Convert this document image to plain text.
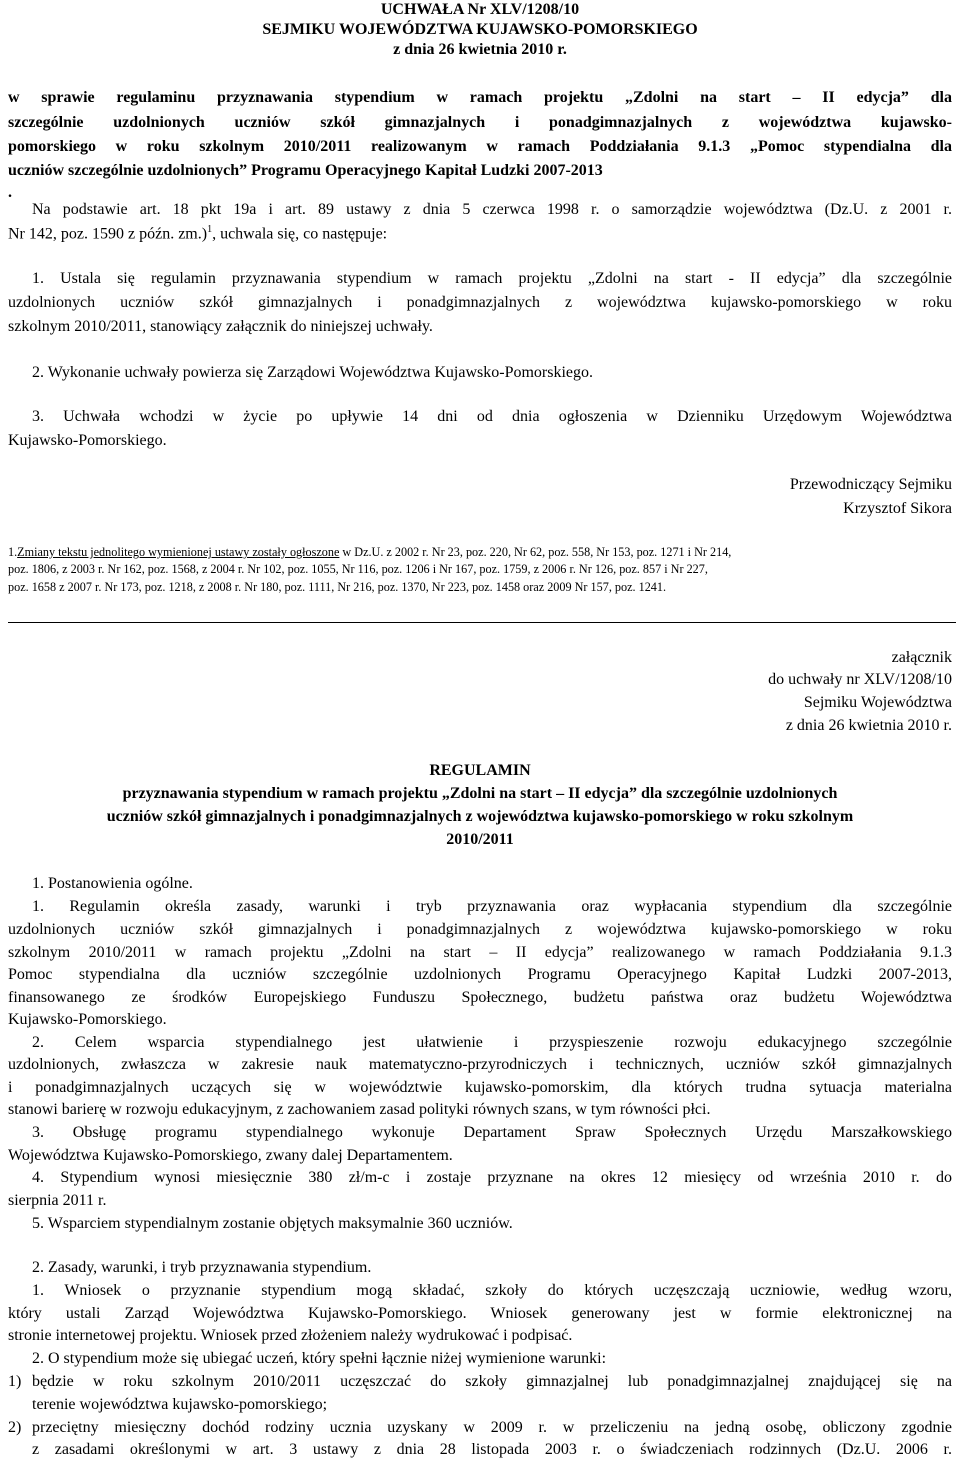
UCHWAŁA Nr XLV/1208/10

SEJMIKU WOJEWÓDZTWA KUJAWSKO-POMORSKIEGO

z dnia 26 kwietnia 2010 r.

w sprawie regulaminu przyznawania stypendium w ramach projektu „Zdolni na start – II edycja” dla

szczególnie uzdolnionych uczniów szkół gimnazjalnych i ponadgimnazjalnych z województwa kujawsko-

pomorskiego w roku szkolnym 2010/2011 realizowanym w ramach Poddziałania 9.1.3 „Pomoc stypendialna dla

uczniów szczególnie uzdolnionych” Programu Operacyjnego Kapitał Ludzki 2007-2013

.

Na podstawie art. 18 pkt 19a i art. 89 ustawy z dnia 5 czerwca 1998 r. o samorządzie województwa (Dz.U. z 2001 r.

Nr 142, poz. 1590 z późn. zm.)$^1$, uchwala się, co następuje:

1. Ustala się regulamin przyznawania stypendium w ramach projektu „Zdolni na start - II edycja” dla szczególnie

uzdolnionych uczniów szkół gimnazjalnych i ponadgimnazjalnych z województwa kujawsko-pomorskiego w roku

szkolnym 2010/2011, stanowiący załącznik do niniejszej uchwały.

2. Wykonanie uchwały powierza się Zarządowi Województwa Kujawsko-Pomorskiego.

3. Uchwała wchodzi w życie po upływie 14 dni od dnia ogłoszenia w Dzienniku Urzędowym Województwa

Kujawsko-Pomorskiego.

Przewodniczący Sejmiku

Krzysztof Sikora

1.Zmiany tekstu jednolitego wymienionej ustawy zostały ogłoszone w Dz.U. z 2002 r. Nr 23, poz. 220, Nr 62, poz. 558, Nr 153, poz. 1271 i Nr 214,

poz. 1806, z 2003 r. Nr 162, poz. 1568, z 2004 r. Nr 102, poz. 1055, Nr 116, poz. 1206 i Nr 167, poz. 1759, z 2006 r. Nr 126, poz. 857 i Nr 227,

poz. 1658 z 2007 r. Nr 173, poz. 1218, z 2008 r. Nr 180, poz. 1111, Nr 216, poz. 1370, Nr 223, poz. 1458 oraz 2009 Nr 157, poz. 1241.

załącznik

do uchwały nr XLV/1208/10

Sejmiku Województwa

z dnia 26 kwietnia 2010 r.

REGULAMIN

przyznawania stypendium w ramach projektu „Zdolni na start – II edycja” dla szczególnie uzdolnionych

uczniów szkół gimnazjalnych i ponadgimnazjalnych z województwa kujawsko-pomorskiego w roku szkolnym

2010/2011

1. Postanowienia ogólne.

1. Regulamin określa zasady, warunki i tryb przyznawania oraz wypłacania stypendium dla szczególnie

uzdolnionych uczniów szkół gimnazjalnych i ponadgimnazjalnych z województwa kujawsko-pomorskiego w roku

szkolnym 2010/2011 w ramach projektu „Zdolni na start – II edycja” realizowanego w ramach Poddziałania 9.1.3

Pomoc stypendialna dla uczniów szczególnie uzdolnionych Programu Operacyjnego Kapitał Ludzki 2007-2013,

finansowanego ze środków Europejskiego Funduszu Społecznego, budżetu państwa oraz budżetu Województwa

Kujawsko-Pomorskiego.

2. Celem wsparcia stypendialnego jest ułatwienie i przyspieszenie rozwoju edukacyjnego szczególnie

uzdolnionych, zwłaszcza w zakresie nauk matematyczno-przyrodniczych i technicznych, uczniów szkół gimnazjalnych

i ponadgimnazjalnych uczących się w województwie kujawsko-pomorskim, dla których trudna sytuacja materialna

stanowi barierę w rozwoju edukacyjnym, z zachowaniem zasad polityki równych szans, w tym równości płci.

3. Obsługę programu stypendialnego wykonuje Departament Spraw Społecznych Urzędu Marszałkowskiego

Województwa Kujawsko-Pomorskiego, zwany dalej Departamentem.

4. Stypendium wynosi miesięcznie 380 zł/m-c i zostaje przyznane na okres 12 miesięcy od września 2010 r. do

sierpnia 2011 r.

5. Wsparciem stypendialnym zostanie objętych maksymalnie 360 uczniów.

2. Zasady, warunki, i tryb przyznawania stypendium.

1. Wniosek o przyznanie stypendium mogą składać, szkoły do których uczęszczają uczniowie, według wzoru,

który ustali Zarząd Województwa Kujawsko-Pomorskiego. Wniosek generowany jest w formie elektronicznej na

stronie internetowej projektu. Wniosek przed złożeniem należy wydrukować i podpisać.

2. O stypendium może się ubiegać uczeń, który spełni łącznie niżej wymienione warunki:

1) będzie w roku szkolnym 2010/2011 uczęszczać do szkoły gimnazjalnej lub ponadgimnazjalnej znajdującej się na

terenie województwa kujawsko-pomorskiego;

2) przeciętny miesięczny dochód rodziny ucznia uzyskany w 2009 r. w przeliczeniu na jedną osobę, obliczony zgodnie

z zasadami określonymi w art. 3 ustawy z dnia 28 listopada 2003 r. o świadczeniach rodzinnych (Dz.U. 2006 r.
